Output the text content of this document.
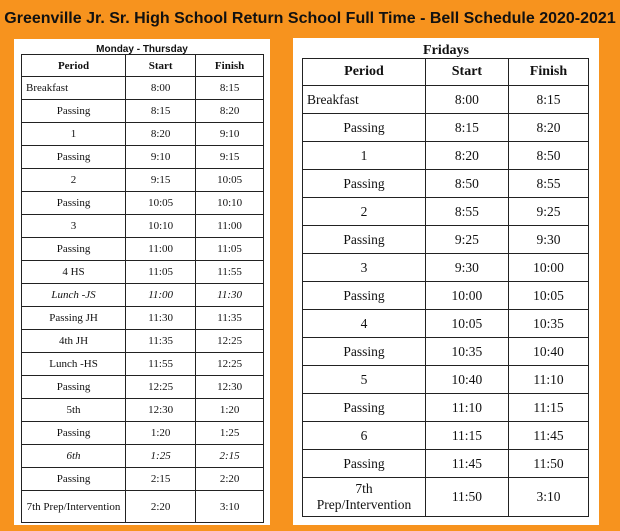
Greenville Jr. Sr. High School Return School Full Time - Bell Schedule 2020-2021
Monday - Thursday
Period	Start	Finish
Breakfast	8:00	8:15
Passing	8:15	8:20
1	8:20	9:10
Passing	9:10	9:15
2	9:15	10:05
Passing	10:05	10:10
3	10:10	11:00
Passing	11:00	11:05
4 HS	11:05	11:55
Lunch -JS	11:00	11:30
Passing JH	11:30	11:35
4th JH	11:35	12:25
Lunch -HS	11:55	12:25
Passing	12:25	12:30
5th	12:30	1:20
Passing	1:20	1:25
6th	1:25	2:15
Passing	2:15	2:20
7th Prep/Intervention	2:20	3:10
Fridays
Period	Start	Finish
Breakfast	8:00	8:15
Passing	8:15	8:20
1	8:20	8:50
Passing	8:50	8:55
2	8:55	9:25
Passing	9:25	9:30
3	9:30	10:00
Passing	10:00	10:05
4	10:05	10:35
Passing	10:35	10:40
5	10:40	11:10
Passing	11:10	11:15
6	11:15	11:45
Passing	11:45	11:50
7th Prep/Intervention	11:50	3:10
